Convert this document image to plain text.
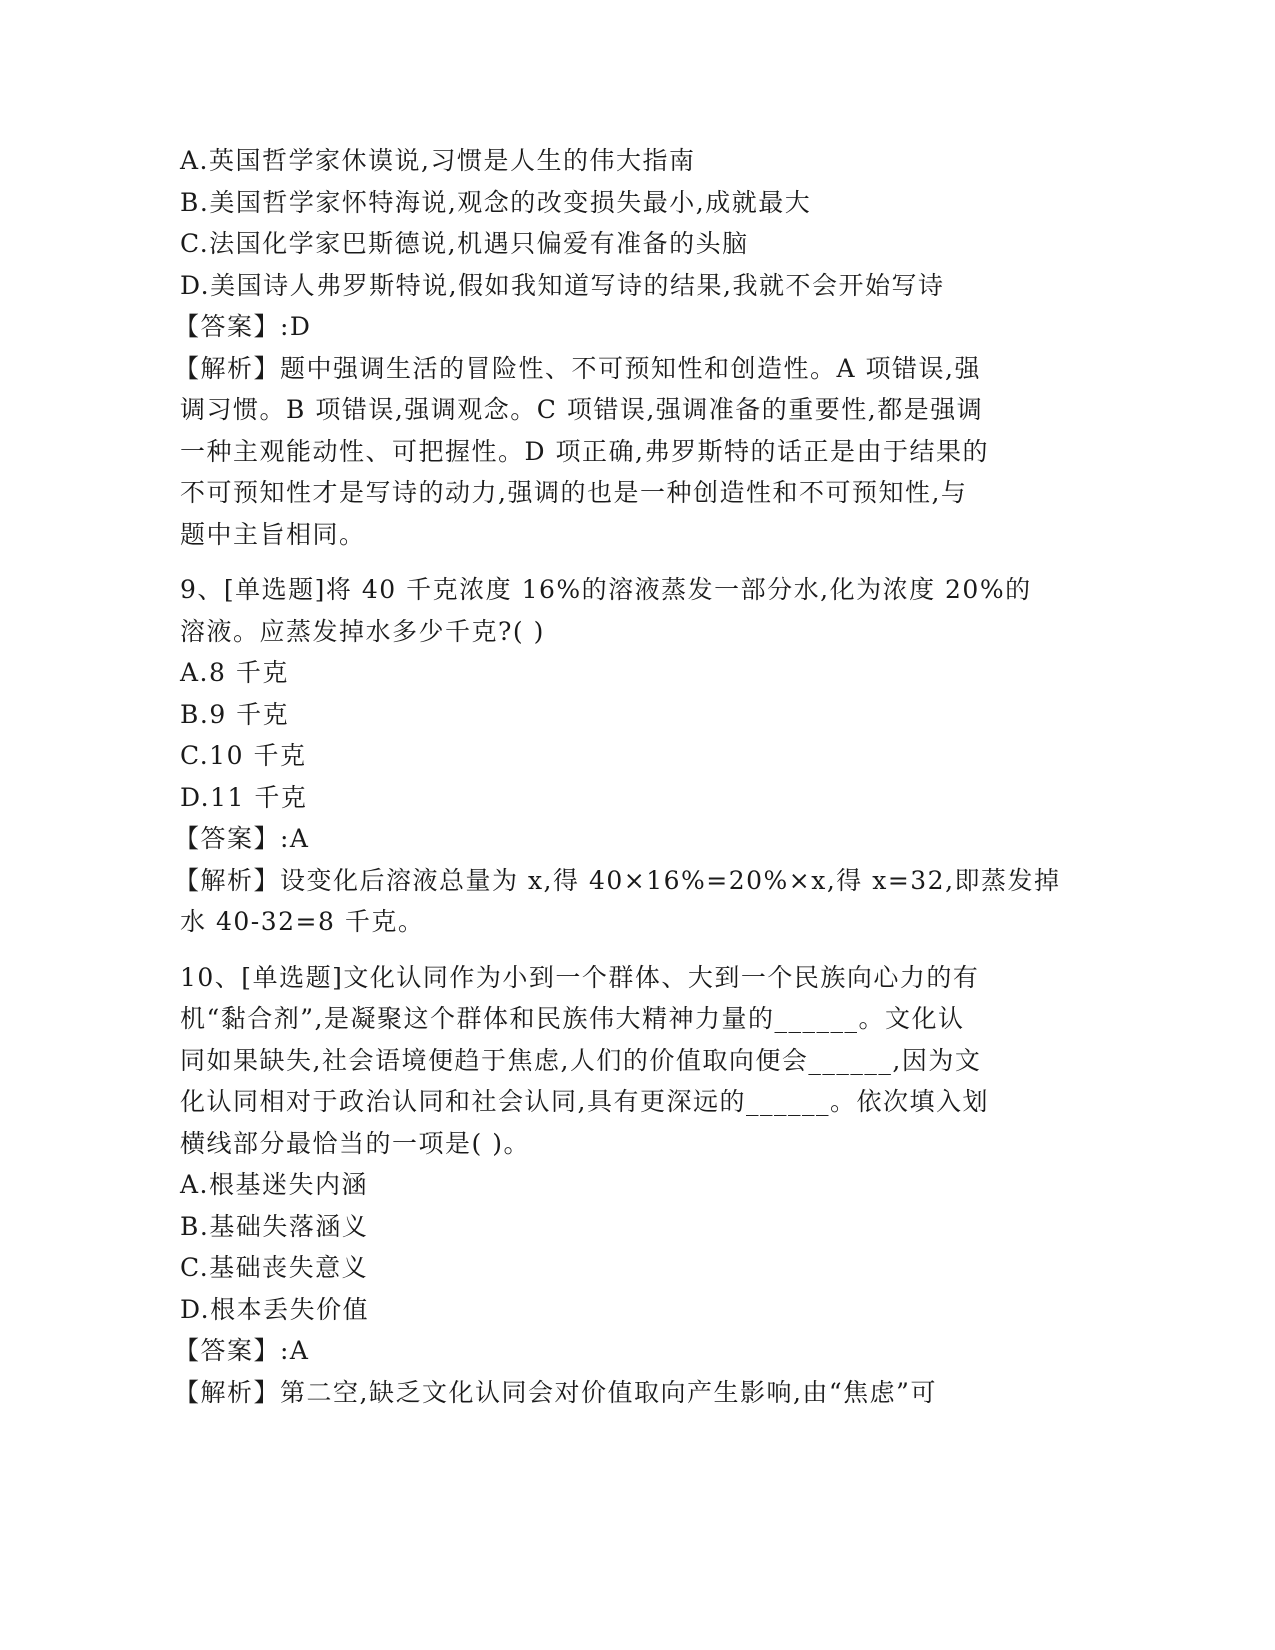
A.英国哲学家休谟说,习惯是人生的伟大指南
B.美国哲学家怀特海说,观念的改变损失最小,成就最大
C.法国化学家巴斯德说,机遇只偏爱有准备的头脑
D.美国诗人弗罗斯特说,假如我知道写诗的结果,我就不会开始写诗
【答案】:D
【解析】题中强调生活的冒险性、不可预知性和创造性。A 项错误,强
调习惯。B 项错误,强调观念。C 项错误,强调准备的重要性,都是强调
一种主观能动性、可把握性。D 项正确,弗罗斯特的话正是由于结果的
不可预知性才是写诗的动力,强调的也是一种创造性和不可预知性,与
题中主旨相同。
9、[单选题]将 40 千克浓度 16%的溶液蒸发一部分水,化为浓度 20%的
溶液。应蒸发掉水多少千克?( )
A.8 千克
B.9 千克
C.10 千克
D.11 千克
【答案】:A
【解析】设变化后溶液总量为 x,得 40×16%=20%×x,得 x=32,即蒸发掉
水 40-32=8 千克。
10、[单选题]文化认同作为小到一个群体、大到一个民族向心力的有
机“黏合剂”,是凝聚这个群体和民族伟大精神力量的______。文化认
同如果缺失,社会语境便趋于焦虑,人们的价值取向便会______,因为文
化认同相对于政治认同和社会认同,具有更深远的______。依次填入划
横线部分最恰当的一项是( )。
A.根基迷失内涵
B.基础失落涵义
C.基础丧失意义
D.根本丢失价值
【答案】:A
【解析】第二空,缺乏文化认同会对价值取向产生影响,由“焦虑”可
